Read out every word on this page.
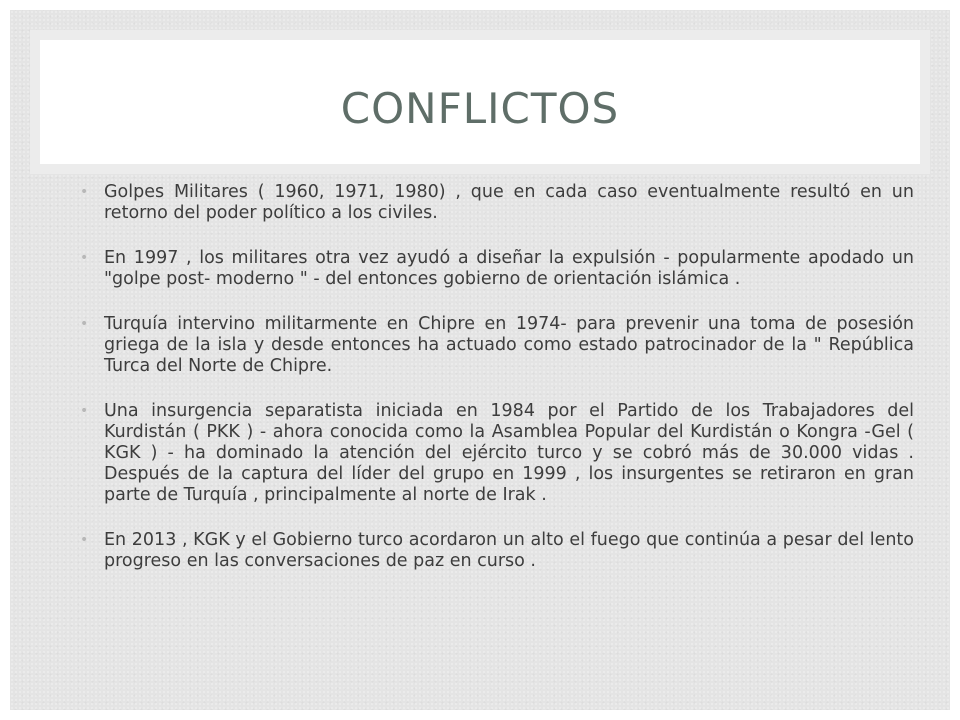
CONFLICTOS
• Golpes Militares ( 1960, 1971, 1980) , que en cada caso eventualmente resultó en un retorno del poder político a los civiles.
• En 1997 , los militares otra vez ayudó a diseñar la expulsión - popularmente apodado un "golpe post- moderno " - del entonces gobierno de orientación islámica .
• Turquía intervino militarmente en Chipre en 1974- para prevenir una toma de posesión griega de la isla y desde entonces ha actuado como estado patrocinador de la " República Turca del Norte de Chipre.
• Una insurgencia separatista iniciada en 1984 por el Partido de los Trabajadores del Kurdistán ( PKK ) - ahora conocida como la Asamblea Popular del Kurdistán o Kongra -Gel ( KGK ) - ha dominado la atención del ejército turco y se cobró más de 30.000 vidas . Después de la captura del líder del grupo en 1999 , los insurgentes se retiraron en gran parte de Turquía , principalmente al norte de Irak .
• En 2013 , KGK y el Gobierno turco acordaron un alto el fuego que continúa a pesar del lento progreso en las conversaciones de paz en curso .
